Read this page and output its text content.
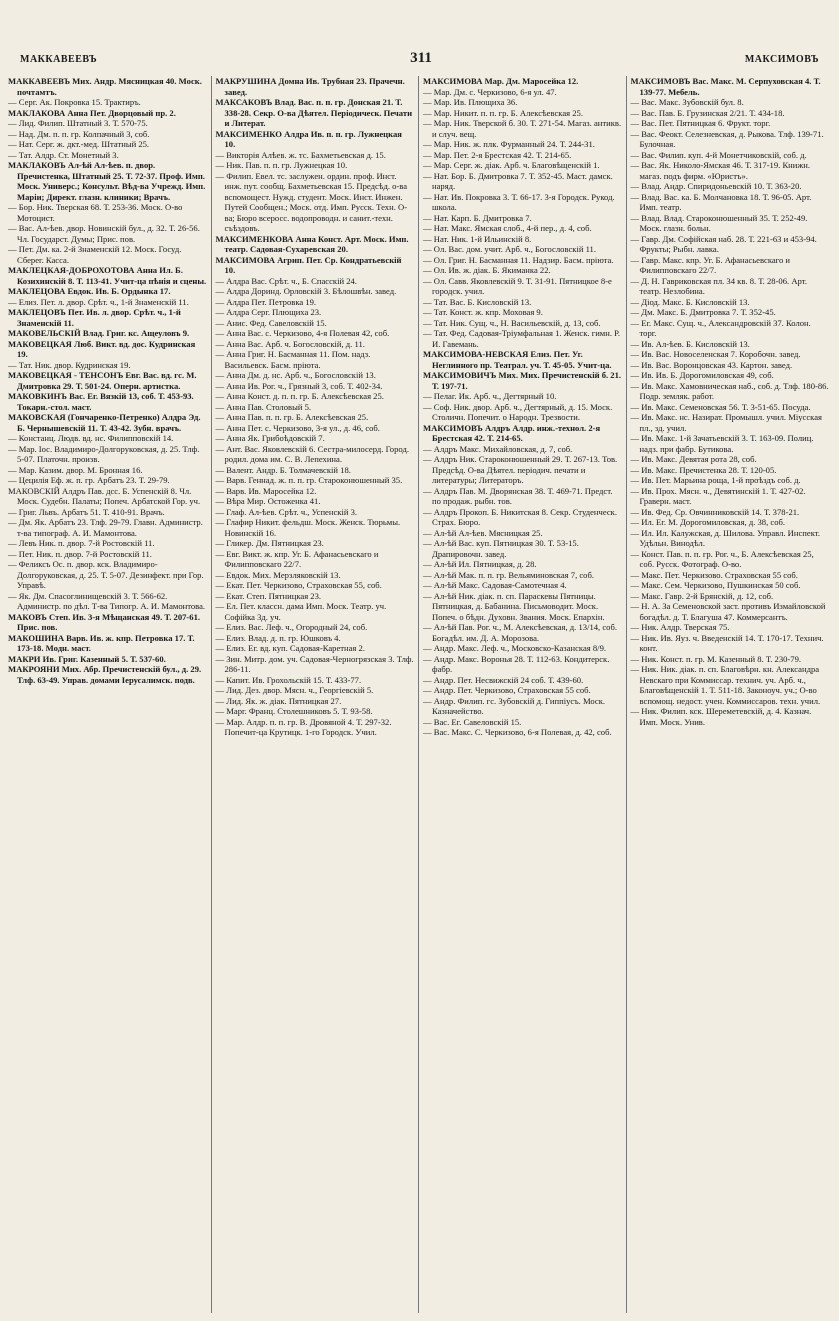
МАККАВЕЕВЪ	311	МАКСИМОВЪ

МАККАВЕЕВЪ Мих. Андр. Мясницкая 40. Моск. почтамтъ.

— Серг. Ак. Покровка 15. Трактиръ.

МАКЛАКОВА Анна Пет. Дворцовый пр. 2.

— Лид. Филип. Штатный 3. Т. 570-75.

— Над. Дм. п. п. гр. Колпачный 3, соб.

— Нат. Серг. ж. дкт.-мед. Штатный 25.

— Тат. Алдр. Ст. Монетный 3.

МАКЛАКОВЪ Ал-ѣй Ал-ѣев. п. двор. Пречистенка, Штатный 25. Т. 72-37. Проф. Имп. Моск. Универс.; Консульт. Вѣд-ва Учрежд. Имп. Маріи; Директ. глазн. клиники; Врачъ.

— Бор. Ник. Тверская 68. Т. 253-36. Моск. О-во Мотоцист.

— Вас. Ал-ѣев. двор. Новинскій бул., д. 32. Т. 26-56. Чл. Государст. Думы; Прис. пов.

— Пет. Дм. ка. 2-й Знаменскій 12. Моск. Госуд. Сберег. Касса.

МАКЛЕЦКАЯ-ДОБРОХОТОВА Анна Ил. Б. Козихинскій 8. Т. 113-41. Учит-ца пѣнія и сцены.

МАКЛЕЦОВА Евдок. Ив. Б. Ордынка 17.

— Елиз. Пет. л. двор. Срѣт. ч., 1-й Знаменскій 11.

МАКЛЕЦОВЪ Пет. Ив. л. двор. Срѣт. ч., 1-й Знаменскій 11.

МАКОВЕЛЬСКІЙ Влад. Григ. кс. Ащеуловъ 9.

МАКОВЕЦКАЯ Люб. Викт. вд. дос. Кудринская 19.

— Тат. Ник. двор. Кудринская 19.

МАКОВЕЦКАЯ - ТЕНСОНЪ Евг. Вас. вд. гс. М. Дмитровка 29. Т. 501-24. Оперн. артистка.

МАКОВКИНЪ Вас. Ег. Вязкій 13, соб. Т. 453-93. Токарн.-стол. маст.

МАКОВСКАЯ (Гончаренко-Петренко) Алдра Эд. Б. Чернышевскій 11. Т. 43-42. Зубн. врачъ.

— Констанц. Людв. вд. нс. Филипповскій 14.

— Мар. Іос. Владимиро-Долгоруковская, д. 25. Тлф. 5-07. Платочн. произв.

— Мар. Казим. двор. М. Бронная 16.

— Цецилія Еф. ж. п. гр. Арбатъ 23. Т. 29-79.

МАКОВСКІЙ Алдръ Пав. дсс. Б. Успенскій 8. Чл. Моск. Судебн. Палаты; Попеч. Арбатской Гор. уч.

— Григ. Львъ. Арбатъ 51. Т. 410-91. Врачъ.

— Дм. Як. Арбатъ 23. Тлф. 29-79. Главн. Администр. т-ва типограф. А. И. Мамонтова.

— Левъ Ник. п. двор. 7-й Ростовскій 11.

— Пет. Ник. п. двор. 7-й Ростовскій 11.

— Феликсъ Ос. п. двор. кск. Владимиро-Долгоруковская, д. 25. Т. 5-07. Дезинфект. при Гор. Управѣ.

— Як. Дм. Спасоглинищевскій 3. Т. 566-62. Администр. по дѣл. Т-ва Типогр. А. И. Мамонтова.

МАКОВЪ Степ. Ив. 3-я Мѣщанская 49. Т. 207-61. Прис. пов.

МАКОШИНА Варв. Ив. ж. кпр. Петровка 17. Т. 173-18. Модн. маст.

МАКРИ Ив. Григ. Казенный 5. Т. 537-60.

МАКРОЯНИ Мих. Абр. Пречистенскій бул., д. 29. Тлф. 63-49. Управ. домами Іерусалимск. подв.

МАКРУШИНА Домна Ив. Трубная 23. Прачечн. завед.

МАКСАКОВЪ Влад. Вас. п. п. гр. Донская 21. Т. 338-28. Секр. О-ва Дѣятел. Періодическ. Печати и Литерат.

МАКСИМЕНКО Алдра Ив. п. п. гр. Лужнецкая 10.

— Викторія Алѣев. ж. тс. Бахметьевская д. 15.

— Ник. Пав. п. п. гр. Лужнецкая 10.

— Филип. Евел. тс. заслужен. ордин. проф. Инст. инж. пут. сообщ. Бахметьевская 15. Предсѣд. о-ва вспомощест. Нужд. студент. Моск. Инст. Инжен. Путей Сообщен.; Моск. отд. Имп. Русск. Техн. О-ва; Бюро всеросс. водопроводн. и санит.-техн. съѣздовъ.

МАКСИМЕНКОВА Анна Конст. Арт. Моск. Имп. театр. Садовая-Сухаревская 20.

МАКСИМОВА Агрип. Пет. Ср. Кондратьевскій 10.

— Алдра Вас. Срѣт. ч., Б. Спасскій 24.

— Алдра Доринд. Орловскій 3. Бѣлошвѣн. завед.

— Алдра Пет. Петровка 19.

— Алдра Серг. Плющиха 23.

— Анис. Фед. Савеловскій 15.

— Анна Вас. с. Черкизово, 4-я Полевая 42, соб.

— Анна Вас. Арб. ч. Богословскій, д. 11.

— Анна Григ. Н. Басманная 11. Пом. надз. Васильевск. Басм. пріюта.

— Анна Дм. д. нс. Арб. ч., Богословскій 13.

— Анна Ив. Рог. ч., Грязный 3, соб. Т. 402-34.

— Анна Конст. д. п. п. гр. Б. Алексѣевская 25.

— Анна Пав. Столовый 5.

— Анна Пав. п. п. гр. Б. Алексѣевская 25.

— Анна Пет. с. Черкизово, 3-я ул., д. 46, соб.

— Анна Як. Грибоѣдовскій 7.

— Ант. Вас. Яковлевскій 6. Сестра-милосерд. Город. родил. дома им. С. В. Лепехина.

— Валент. Андр. Б. Толмачевскій 18.

— Варв. Геннад. ж. п. п. гр. Староконюшенный 35.

— Варв. Ив. Маросейка 12.

— Вѣра Мир. Остоженка 41.

— Глаф. Ал-ѣев. Срѣт. ч., Успенскій 3.

— Глафир Никит. фельдш. Моск. Женск. Тюрьмы. Новинскій 16.

— Гликер. Дм. Пятницкая 23.

— Евг. Викт. ж. кпр. Уг. Б. Афанасьевскаго и Филипповскаго 22/7.

— Евдок. Мих. Мерзляковскій 13.

— Екат. Пет. Черкизово, Страховская 55, соб.

— Екат. Степ. Пятницкая 23.

— Ел. Пет. классн. дама Имп. Моск. Театр. уч. Софійка 3д. уч.

— Елиз. Вас. Леф. ч., Огородный 24, соб.

— Елиз. Влад. д. п. гр. Юшковъ 4.

— Елиз. Ег. вд. куп. Садовая-Каретная 2.

— Зин. Митр. дом. уч. Садовая-Черногрязская 3. Тлф. 286-11.

— Капит. Ив. Грохольскій 15. Т. 433-77.

— Лид. Дез. двор. Мясн. ч., Георгіевскій 5.

— Лид. Як. ж. діак. Пятницкая 27.

— Марг. Франц. Столешниковъ 5. Т. 93-58.

— Мар. Алдр. п. п. гр. В. Дровяной 4. Т. 297-32. Попечит-ца Крутицк. 1-го Городск. Учил.

МАКСИМОВА Мар. Дм. Маросейка 12.

— Мар. Дм. с. Черкизово, 6-я ул. 47.

— Мар. Ив. Плющиха 36.

— Мар. Никит. п. п. гр. Б. Алексѣевская 25.

— Мар. Ник. Тверской б. 30. Т. 271-54. Магаз. антикв. и случ. вещ.

— Мар. Ник. ж. плк. Фурманный 24. Т. 244-31.

— Мар. Пет. 2-я Брестская 42. Т. 214-65.

— Мар. Серг. ж. діак. Арб. ч. Благовѣщенскій 1.

— Нат. Бор. Б. Дмитровка 7. Т. 352-45. Маст. дамск. наряд.

— Нат. Ив. Покровка 3. Т. 66-17. 3-я Городск. Рукод. школа.

— Нат. Карп. Б. Дмитровка 7.

— Нат. Макс. Ямская слоб., 4-й пер., д. 4, соб.

— Нат. Ник. 1-й Ильинскій 8.

— Ол. Вас. дом. учит. Арб. ч., Богословскій 11.

— Ол. Григ. Н. Басманная 11. Надзир. Басм. пріюта.

— Ол. Ив. ж. діак. Б. Якиманка 22.

— Ол. Савв. Яковлевскій 9. Т. 31-91. Пятницкое 8-е городск. учил.

— Тат. Вас. Б. Кисловскій 13.

— Тат. Конст. ж. кпр. Моховая 9.

— Тат. Ник. Сущ. ч., Н. Васильевскій, д. 13, соб.

— Тат. Фед. Садовая-Тріумфальная 1. Женск. гимн. Р. И. Гавемань.

МАКСИМОВА-НЕВСКАЯ Елиз. Пет. Уг. Неглинного пр. Театрал. уч. Т. 45-05. Учит-ца.

МАКСИМОВИЧЪ Мих. Мих. Пречистенскій б. 21. Т. 197-71.

— Пелаг. Ик. Арб. ч., Дегтярный 10.

— Соф. Ник. двор. Арб. ч., Дегтярный, д. 15. Моск. Столичн. Попечит. о Народн. Трезвости.

МАКСИМОВЪ Алдръ Алдр. инж.-технол. 2-я Брестская 42. Т. 214-65.

— Алдръ Макс. Михайловская, д. 7, соб.

— Алдръ Ник. Староконюшенный 29. Т. 267-13. Тов. Предсѣд. О-ва Дѣятел. періодич. печати и литературы; Литераторъ.

— Алдръ Пав. М. Дворянская 38. Т. 469-71. Предст. по продаж. рыбн. тов.

— Алдръ Прокоп. Б. Никитская 8. Секр. Студенческ. Страх. Бюро.

— Ал-ѣй Ал-ѣев. Мясницкая 25.

— Ал-ѣй Вас. куп. Пятницкая 30. Т. 53-15. Драпировочн. завед.

— Ал-ѣй Ил. Пятницкая, д. 28.

— Ал-ѣй Мак. п. п. гр. Вельяминовская 7, соб.

— Ал-ѣй Макс. Садовая-Самотечная 4.

— Ал-ѣй Ник. діак. п. сп. Параскевы Пятницы. Пятницкая, д. Бабанина. Письмоводит. Моск. Попеч. о бѣдн. Духовн. Звания. Моск. Епархін.

— Ал-ѣй Пав. Рог. ч., М. Алексѣевская, д. 13/14, соб. Богадѣл. им. Д. А. Морозова.

— Андр. Макс. Леф. ч., Московско-Казанская 8/9.

— Андр. Макс. Воронья 28. Т. 112-63. Кондитерск. фабр.

— Андр. Пет. Несвижскій 24 соб. Т. 439-60.

— Андр. Пет. Черкизово, Страховская 55 соб.

— Андр. Филип. гс. Зубовскій д. Гиппіусъ. Моск. Казначейство.

— Вас. Ег. Савеловскій 15.

— Вас. Макс. С. Черкизово, 6-я Полевая, д. 42, соб.

МАКСИМОВЪ Вас. Макс. М. Серпуховская 4. Т. 139-77. Мебель.

— Вас. Макс. Зубовскій бул. 8.

— Вас. Пав. Б. Грузинская 2/21. Т. 434-18.

— Вас. Пет. Пятницкая 6. Фрукт. торг.

— Вас. Феокт. Селезневская, д. Рыкова. Тлф. 139-71. Булочная.

— Вас. Филип. куп. 4-й Монетчиковскій, соб. д.

— Вас. Як. Николо-Ямская 46. Т. 317-19. Книжн. магаз. подъ фирм. «Юристъ».

— Влад. Андр. Спиридоньевскій 10. Т. 363-20.

— Влад. Вас. ка. Б. Молчановка 18. Т. 96-05. Арт. Имп. театр.

— Влад. Влад. Староконюшенный 35. Т. 252-49. Моск. глазн. больн.

— Гавр. Дм. Софійская наб. 28. Т. 221-63 и 453-94. Фрукты; Рыбн. лавка.

— Гавр. Макс. кпр. Уг. Б. Афанасьевскаго и Филипповскаго 22/7.

— Д. Н. Гавриковская пл. 34 кв. 8. Т. 28-06. Арт. театр. Незлобина.

— Діод. Макс. Б. Кисловскій 13.

— Дм. Макс. Б. Дмитровка 7. Т. 352-45.

— Ег. Макс. Сущ. ч., Александровскій 37. Колон. торг.

— Ив. Ал-ѣев. Б. Кисловскій 13.

— Ив. Вас. Новоселенская 7. Коробочн. завед.

— Ив. Вас. Воронцовская 43. Картон. завед.

— Ив. Ив. Б. Дорогомиловская 49, соб.

— Ив. Макс. Хамовническая наб., соб. д. Тлф. 180-86. Подр. земляк. работ.

— Ив. Макс. Семеновская 56. Т. 3-51-65. Посуда.

— Ив. Макс. нс. Назират. Промышл. учил. Міусская пл., зд. учил.

— Ив. Макс. 1-й Зачатьевскій 3. Т. 163-09. Полиц. надз. при фабр. Бутикова.

— Ив. Макс. Девятая рота 28, соб.

— Ив. Макс. Пречистенка 28. Т. 120-05.

— Ив. Пет. Марьина роща, 1-й проѣздъ соб. д.

— Ив. Прох. Мясн. ч., Девятинскій 1. Т. 427-02. Граверн. маст.

— Ив. Фед. Ср. Овчинниковскій 14. Т. 378-21.

— Ил. Ег. М. Дорогомиловская, д. 38, соб.

— Ил. Ил. Калужская, д. Шилова. Управл. Инспект. Удѣльн. Винодѣл.

— Конст. Пав. п. п. гр. Рог. ч., Б. Алексѣевская 25, соб. Русск. Фотограф. О-во.

— Макс. Пет. Черкизово. Страховская 55 соб.

— Макс. Сем. Черкизово, Пушкинская 50 соб.

— Макс. Гавр. 2-й Брянскій, д. 12, соб.

— Н. А. За Семеновской заст. противъ Измайловской богадѣл. д. Т. Благуша 47. Коммерсантъ.

— Ник. Алдр. Тверская 75.

— Ник. Ив. Яуз. ч. Введенскій 14. Т. 170-17. Технич. конт.

— Ник. Конст. п. гр. М. Казенный 8. Т. 230-79.

— Ник. Ник. діак. п. сп. Благовѣрн. кн. Александра Невскаго при Коммиссар. технич. уч. Арб. ч., Благовѣщенскій 1. Т. 511-18. Законоуч. уч.; О-во вспомощ. недост. учен. Коммиссаров. техн. учил.

— Ник. Филип. кск. Шереметевскій, д. 4. Казнач. Имп. Моск. Унив.
